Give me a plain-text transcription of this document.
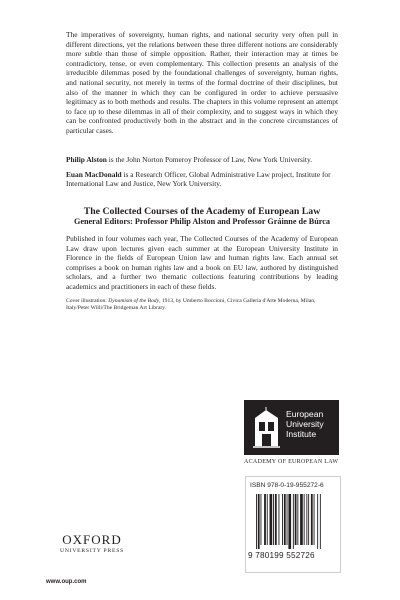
The imperatives of sovereignty, human rights, and national security very often pull in different directions, yet the relations between these three different notions are considerably more subtle than those of simple opposition. Rather, their interaction may at times be contradictory, tense, or even complementary. This collection presents an analysis of the irreducible dilemmas posed by the foundational challenges of sovereignty, human rights, and national security, not merely in terms of the formal doctrine of their disciplines, but also of the manner in which they can be configured in order to achieve persuasive legitimacy as to both methods and results. The chapters in this volume represent an attempt to face up to these dilemmas in all of their complexity, and to suggest ways in which they can be confronted productively both in the abstract and in the concrete circumstances of particular cases.

Philip Alston is the John Norton Pomeroy Professor of Law, New York University.

Euan MacDonald is a Research Officer, Global Administrative Law project, Institute for International Law and Justice, New York University.

The Collected Courses of the Academy of European Law

General Editors: Professor Philip Alston and Professor Gráinne de Búrca

Published in four volumes each year, The Collected Courses of the Academy of European Law draw upon lectures given each summer at the European University Institute in Florence in the fields of European Union law and human rights law. Each annual set comprises a book on human rights law and a book on EU law, authored by distinguished scholars, and a further two thematic collections featuring contributions by leading academics and practitioners in each of these fields.

Cover illustration: Dynamism of the Body, 1913, by Umberto Boccioni, Civica Galleria d'Arte Moderna, Milan, Italy/Peter Willi/The Bridgeman Art Library.

European
University
Institute
ACADEMY OF EUROPEAN LAW
ISBN 978-0-19-955272-6
9 780199 552726
OXFORD
UNIVERSITY PRESS
www.oup.com
